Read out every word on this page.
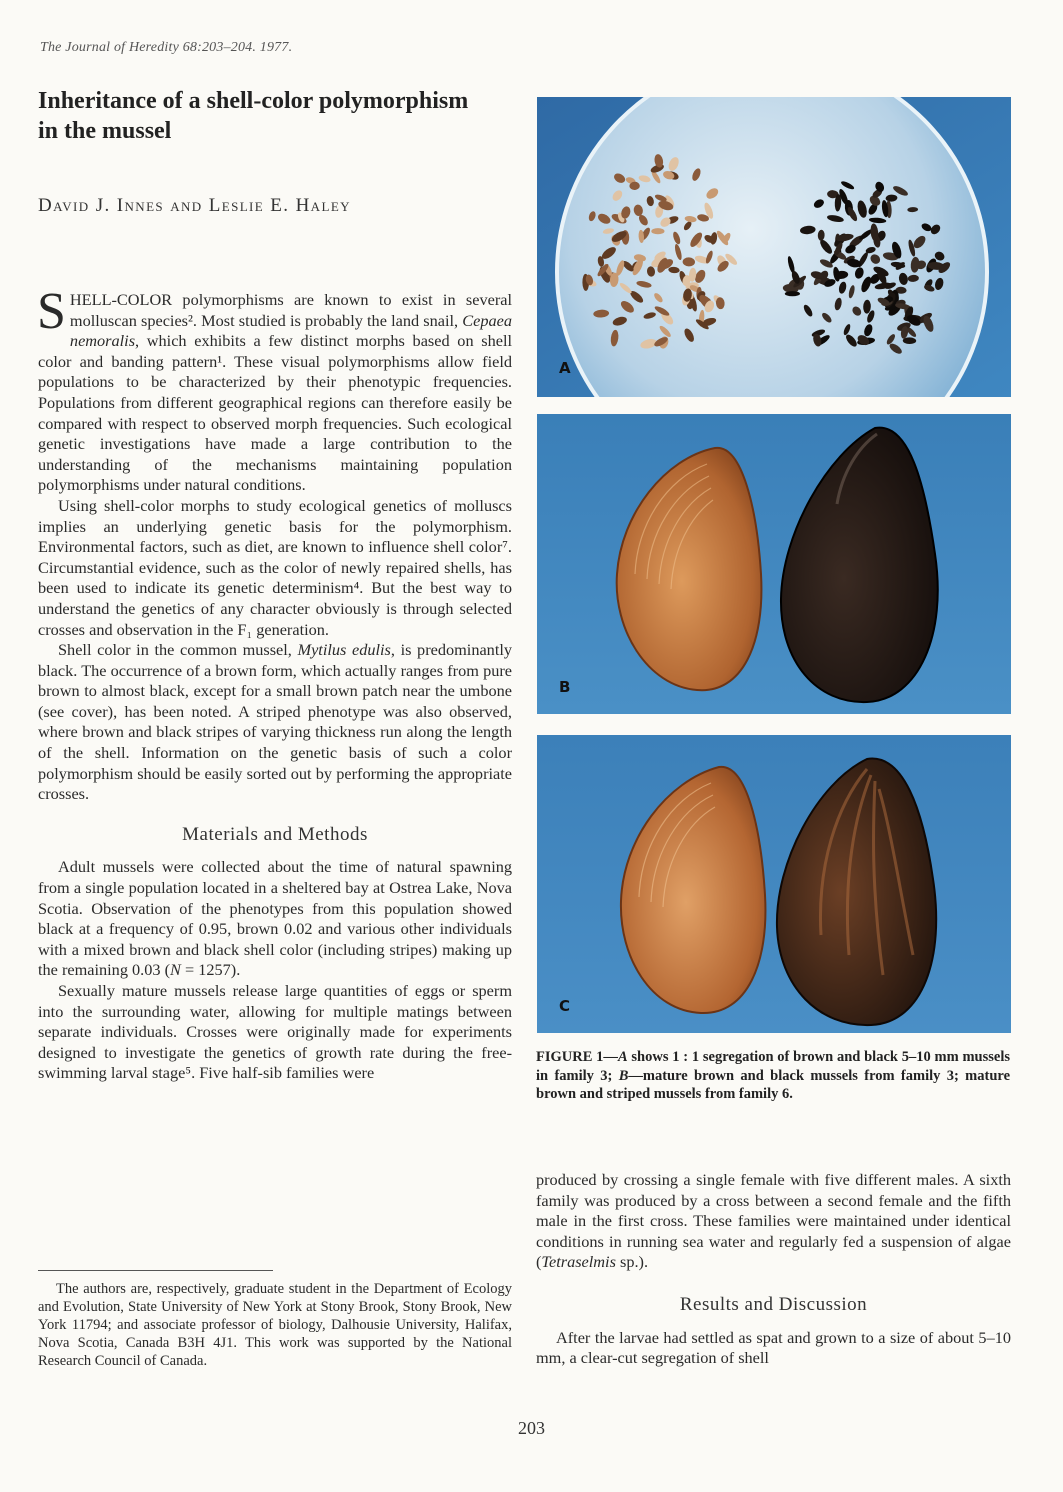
The Journal of Heredity 68:203–204. 1977.
Inheritance of a shell-color polymorphism in the mussel
David J. Innes and Leslie E. Haley

SHELL-COLOR polymorphisms are known to exist in several molluscan species². Most studied is probably the land snail, Cepaea nemoralis, which exhibits a few distinct morphs based on shell color and banding pattern¹. These visual polymorphisms allow field populations to be characterized by their phenotypic frequencies. Populations from different geographical regions can therefore easily be compared with respect to observed morph frequencies. Such ecological genetic investigations have made a large contribution to the understanding of the mechanisms maintaining population polymorphisms under natural conditions.

Using shell-color morphs to study ecological genetics of molluscs implies an underlying genetic basis for the polymorphism. Environmental factors, such as diet, are known to influence shell color⁷. Circumstantial evidence, such as the color of newly repaired shells, has been used to indicate its genetic determinism⁴. But the best way to understand the genetics of any character obviously is through selected crosses and observation in the F₁ generation.

Shell color in the common mussel, Mytilus edulis, is predominantly black. The occurrence of a brown form, which actually ranges from pure brown to almost black, except for a small brown patch near the umbone (see cover), has been noted. A striped phenotype was also observed, where brown and black stripes of varying thickness run along the length of the shell. Information on the genetic basis of such a color polymorphism should be easily sorted out by performing the appropriate crosses.

Materials and Methods

Adult mussels were collected about the time of natural spawning from a single population located in a sheltered bay at Ostrea Lake, Nova Scotia. Observation of the phenotypes from this population showed black at a frequency of 0.95, brown 0.02 and various other individuals with a mixed brown and black shell color (including stripes) making up the remaining 0.03 (N = 1257).

Sexually mature mussels release large quantities of eggs or sperm into the surrounding water, allowing for multiple matings between separate individuals. Crosses were originally made for experiments designed to investigate the genetics of growth rate during the free-swimming larval stage⁵. Five half-sib families were

The authors are, respectively, graduate student in the Department of Ecology and Evolution, State University of New York at Stony Brook, Stony Brook, New York 11794; and associate professor of biology, Dalhousie University, Halifax, Nova Scotia, Canada B3H 4J1. This work was supported by the National Research Council of Canada.

A
B
C
FIGURE 1—A shows 1 : 1 segregation of brown and black 5–10 mm mussels in family 3; B—mature brown and black mussels from family 3; mature brown and striped mussels from family 6.

produced by crossing a single female with five different males. A sixth family was produced by a cross between a second female and the fifth male in the first cross. These families were maintained under identical conditions in running sea water and regularly fed a suspension of algae (Tetraselmis sp.).

Results and Discussion

After the larvae had settled as spat and grown to a size of about 5–10 mm, a clear-cut segregation of shell

203
